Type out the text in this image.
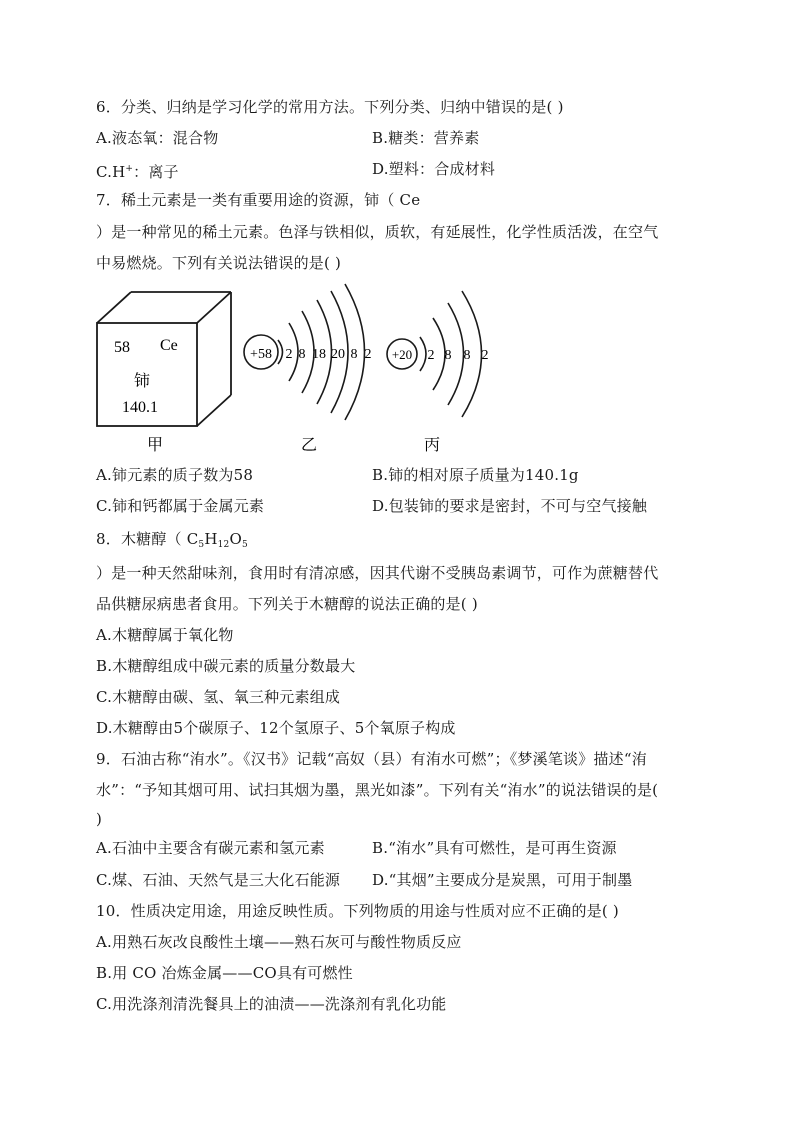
6．分类、归纳是学习化学的常用方法。下列分类、归纳中错误的是( )
A.液态氧：混合物	B.糖类：营养素
C.H+：离子	D.塑料：合成材料
7．稀土元素是一类有重要用途的资源，铈（ Ce
）是一种常见的稀土元素。色泽与铁相似，质软，有延展性，化学性质活泼，在空气
中易燃烧。下列有关说法错误的是( )
58 Ce
铈
140.1
+58 2 8 18 20 8 2 +20 2 8 8 2
甲	乙	丙
A.铈元素的质子数为58	B.铈的相对原子质量为140.1g
C.铈和钙都属于金属元素	D.包装铈的要求是密封，不可与空气接触
8．木糖醇（ $C_5H_{12}O_5$
）是一种天然甜味剂，食用时有清凉感，因其代谢不受胰岛素调节，可作为蔗糖替代
品供糖尿病患者食用。下列关于木糖醇的说法正确的是( )
A.木糖醇属于氧化物
B.木糖醇组成中碳元素的质量分数最大
C.木糖醇由碳、氢、氧三种元素组成
D.木糖醇由5个碳原子、12个氢原子、5个氧原子构成
9．石油古称“洧水”。《汉书》记载“高奴（县）有洧水可燃”；《梦溪笔谈》描述“洧
水”：“予知其烟可用、试扫其烟为墨，黑光如漆”。下列有关“洧水”的说法错误的是(
)
A.石油中主要含有碳元素和氢元素	B.“洧水”具有可燃性，是可再生资源
C.煤、石油、天然气是三大化石能源 D.“其烟”主要成分是炭黑，可用于制墨
10．性质决定用途，用途反映性质。下列物质的用途与性质对应不正确的是( )
A.用熟石灰改良酸性土壤——熟石灰可与酸性物质反应
B.用 CO 冶炼金属——CO具有可燃性
C.用洗涤剂清洗餐具上的油渍——洗涤剂有乳化功能
